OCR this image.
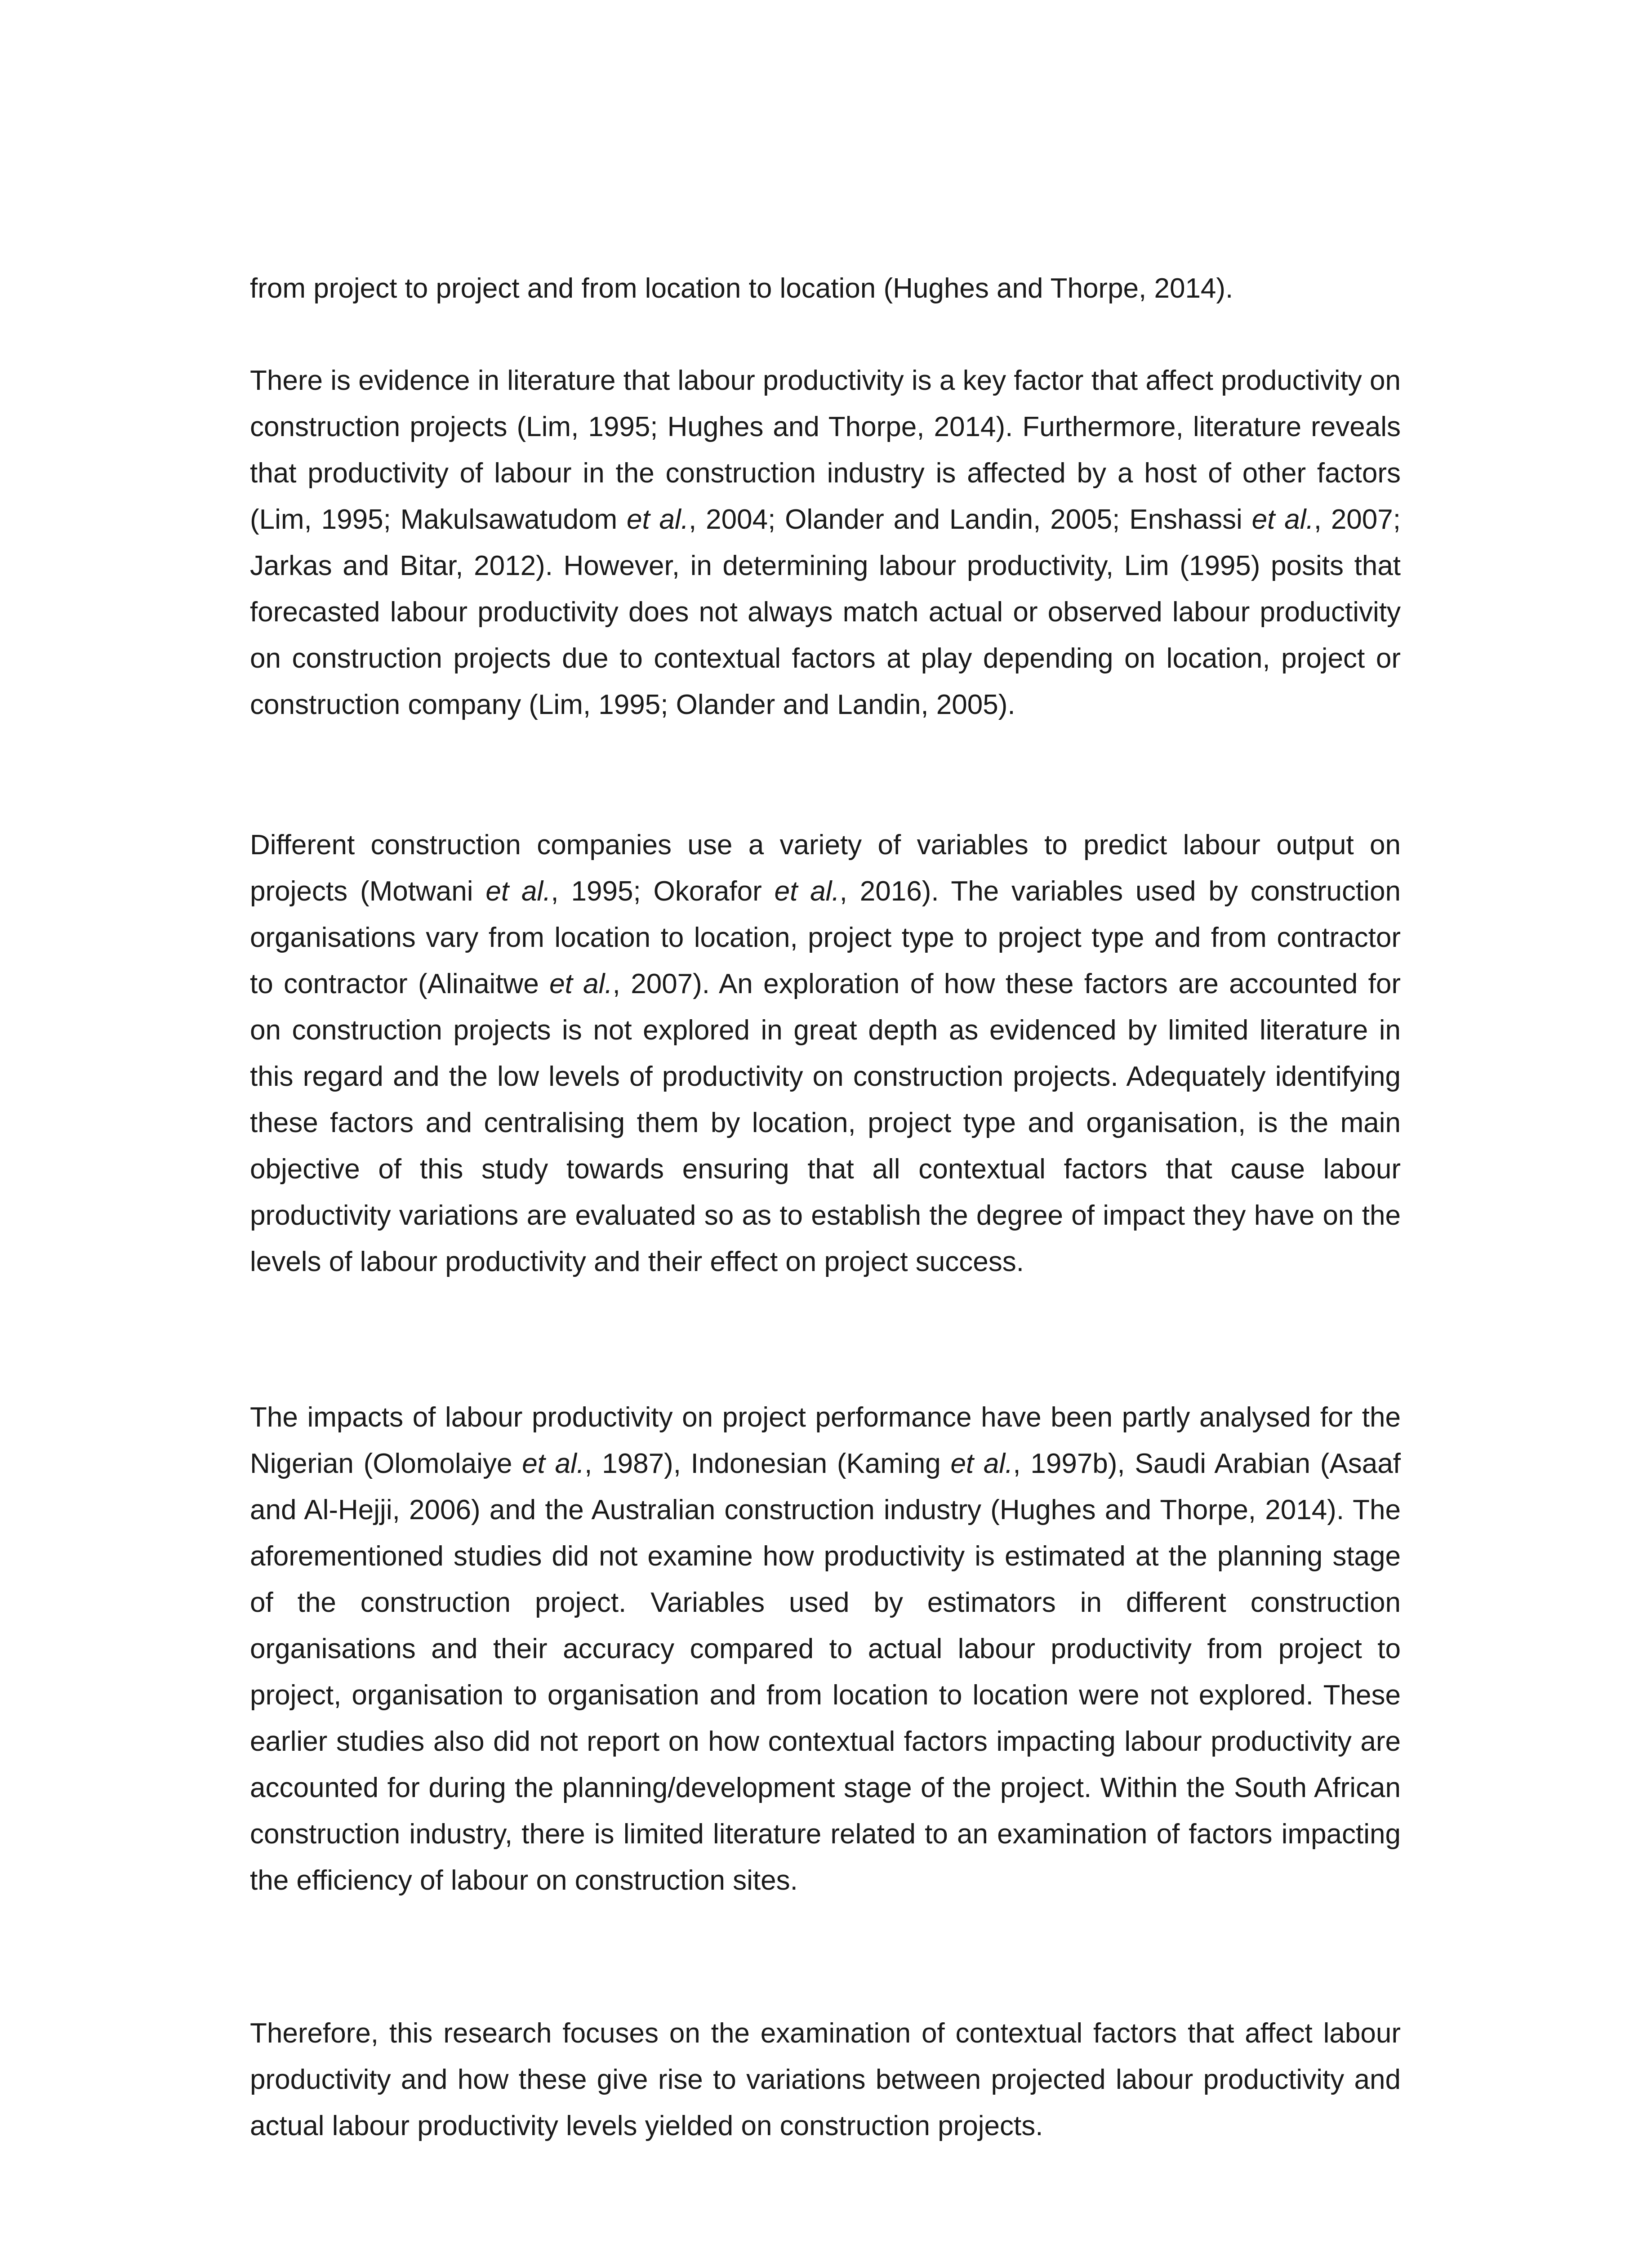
from project to project and from location to location (Hughes and Thorpe, 2014).

There is evidence in literature that labour productivity is a key factor that affect productivity on construction projects (Lim, 1995; Hughes and Thorpe, 2014). Furthermore, literature reveals that productivity of labour in the construction industry is affected by a host of other factors (Lim, 1995; Makulsawatudom et al., 2004; Olander and Landin, 2005; Enshassi et al., 2007; Jarkas and Bitar, 2012). However, in determining labour productivity, Lim (1995) posits that forecasted labour productivity does not always match actual or observed labour productivity on construction projects due to contextual factors at play depending on location, project or construction company (Lim, 1995; Olander and Landin, 2005).

Different construction companies use a variety of variables to predict labour output on projects (Motwani et al., 1995; Okorafor et al., 2016). The variables used by construction organisations vary from location to location, project type to project type and from contractor to contractor (Alinaitwe et al., 2007). An exploration of how these factors are accounted for on construction projects is not explored in great depth as evidenced by limited literature in this regard and the low levels of productivity on construction projects. Adequately identifying these factors and centralising them by location, project type and organisation, is the main objective of this study towards ensuring that all contextual factors that cause labour productivity variations are evaluated so as to establish the degree of impact they have on the levels of labour productivity and their effect on project success.

The impacts of labour productivity on project performance have been partly analysed for the Nigerian (Olomolaiye et al., 1987), Indonesian (Kaming et al., 1997b), Saudi Arabian (Asaaf and Al-Hejji, 2006) and the Australian construction industry (Hughes and Thorpe, 2014). The aforementioned studies did not examine how productivity is estimated at the planning stage of the construction project. Variables used by estimators in different construction organisations and their accuracy compared to actual labour productivity from project to project, organisation to organisation and from location to location were not explored. These earlier studies also did not report on how contextual factors impacting labour productivity are accounted for during the planning/development stage of the project. Within the South African construction industry, there is limited literature related to an examination of factors impacting the efficiency of labour on construction sites.

Therefore, this research focuses on the examination of contextual factors that affect labour productivity and how these give rise to variations between projected labour productivity and actual labour productivity levels yielded on construction projects.
